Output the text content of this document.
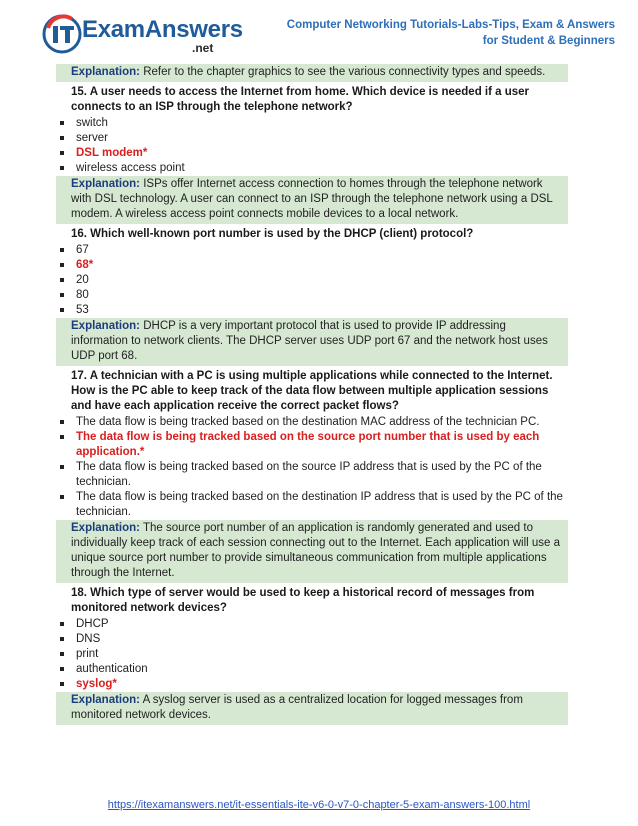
ExamAnswers
.net
Computer Networking Tutorials-Labs-Tips, Exam & Answers
for Student & Beginners
Explanation: Refer to the chapter graphics to see the various connectivity types and speeds.
15. A user needs to access the Internet from home. Which device is needed if a user connects to an ISP through the telephone network?
switch
server
DSL modem*
wireless access point
Explanation: ISPs offer Internet access connection to homes through the telephone network with DSL technology. A user can connect to an ISP through the telephone network using a DSL modem. A wireless access point connects mobile devices to a local network.
16. Which well-known port number is used by the DHCP (client) protocol?
67
68*
20
80
53
Explanation: DHCP is a very important protocol that is used to provide IP addressing information to network clients. The DHCP server uses UDP port 67 and the network host uses UDP port 68.
17. A technician with a PC is using multiple applications while connected to the Internet. How is the PC able to keep track of the data flow between multiple application sessions and have each application receive the correct packet flows?
The data flow is being tracked based on the destination MAC address of the technician PC.
The data flow is being tracked based on the source port number that is used by each application.*
The data flow is being tracked based on the source IP address that is used by the PC of the technician.
The data flow is being tracked based on the destination IP address that is used by the PC of the technician.
Explanation: The source port number of an application is randomly generated and used to individually keep track of each session connecting out to the Internet. Each application will use a unique source port number to provide simultaneous communication from multiple applications through the Internet.
18. Which type of server would be used to keep a historical record of messages from monitored network devices?
DHCP
DNS
print
authentication
syslog*
Explanation: A syslog server is used as a centralized location for logged messages from monitored network devices.
https://itexamanswers.net/it-essentials-ite-v6-0-v7-0-chapter-5-exam-answers-100.html
